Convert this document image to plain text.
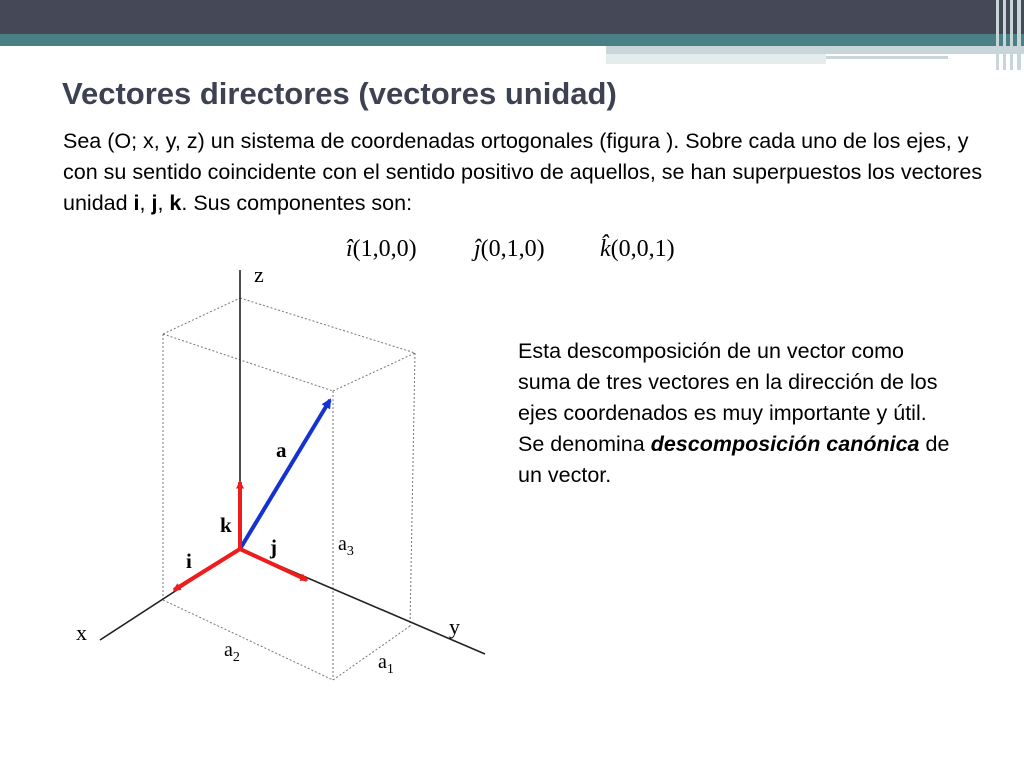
Vectores directores (vectores unidad)

Sea (O; x, y, z) un sistema de coordenadas ortogonales (figura ). Sobre cada uno de los ejes, y con su sentido coincidente con el sentido positivo de aquellos, se han superpuestos los vectores unidad i, j, k. Sus componentes son:

î(1,0,0) ĵ(0,1,0) k̂(0,0,1)

Esta descomposición de un vector como suma de tres vectores en la dirección de los ejes coordenados es muy importante y útil. Se denomina descomposición canónica de un vector.

z
x	y
a
k
i
j	$a_3$
$a_2$	$a_1$
